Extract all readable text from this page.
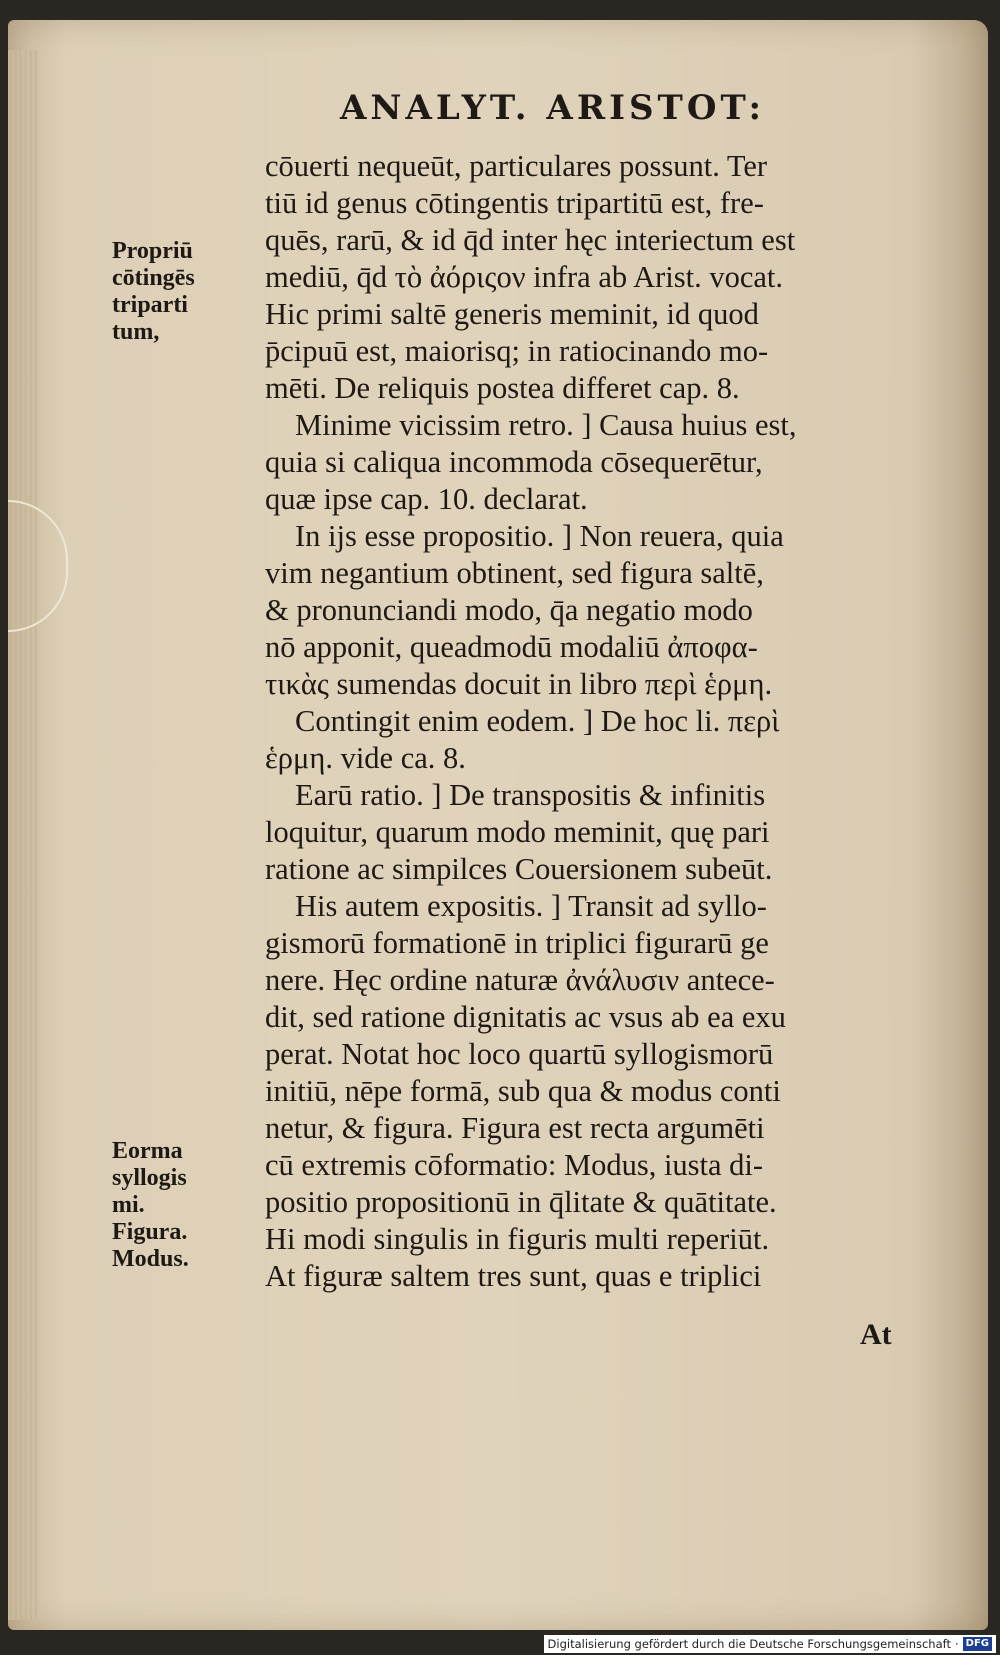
ANALYT. ARISTOT:
Propriū
cōtingēs
triparti
tum,
Eorma
syllogis
mi.
Figura.
Modus.
cōuerti nequeūt, particulares possunt. Ter
tiū id genus cōtingentis tripartitū est, fre-
quēs, rarū, & id q̄d inter hęc interiectum est
mediū, q̄d τὸ ἀόριςον infra ab Arist. vocat.
Hic primi saltē generis meminit, id quod
p̄cipuū est, maiorisq; in ratiocinando mo-
mēti. De reliquis postea differet cap. 8.
Minime vicissim retro. ] Causa huius est,
quia si caliqua incommoda cōsequerētur,
quæ ipse cap. 10. declarat.
In ijs esse propositio. ] Non reuera, quia
vim negantium obtinent, sed figura saltē,
& pronunciandi modo, q̄a negatio modo
nō apponit, queadmodū modaliū ἀποφα-
τικὰς sumendas docuit in libro περὶ ἑρμη.
Contingit enim eodem. ] De hoc li. περὶ
ἑρμη. vide ca. 8.
Earū ratio. ] De transpositis & infinitis
loquitur, quarum modo meminit, quę pari
ratione ac simpilces Couersionem subeūt.
His autem expositis. ] Transit ad syllo-
gismorū formationē in triplici figurarū ge
nere. Hęc ordine naturæ ἀνάλυσιν antece-
dit, sed ratione dignitatis ac vsus ab ea exu
perat. Notat hoc loco quartū syllogismorū
initiū, nēpe formā, sub qua & modus conti
netur, & figura. Figura est recta argumēti
cū extremis cōformatio: Modus, iusta di-
positio propositionū in q̄litate & quātitate.
Hi modi singulis in figuris multi reperiūt.
At figuræ saltem tres sunt, quas e triplici
At
Digitalisierung gefördert durch die Deutsche Forschungsgemeinschaft · DFG
